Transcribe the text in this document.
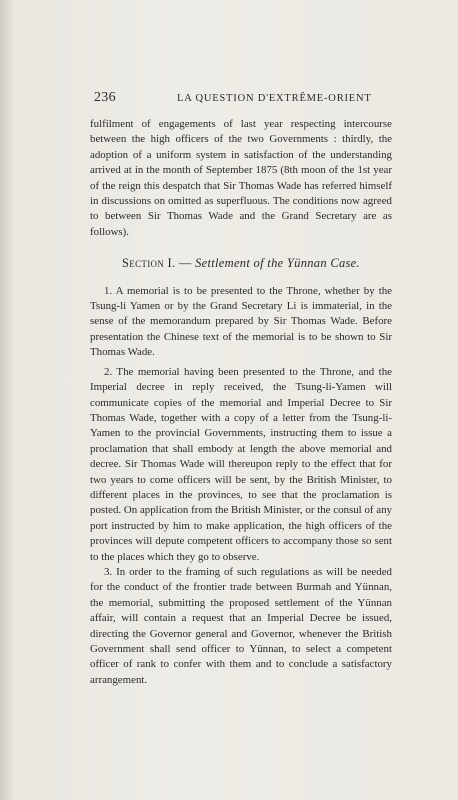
236	LA QUESTION D'EXTRÊME-ORIENT

fulfilment of engagements of last year respecting intercourse between the high officers of the two Governments : thirdly, the adoption of a uniform system in satisfaction of the understanding arrived at in the month of September 1875 (8th moon of the 1st year of the reign this despatch that Sir Thomas Wade has referred himself in discussions on omitted as superfluous. The conditions now agreed to between Sir Thomas Wade and the Grand Secretary are as follows).

Section I. — Settlement of the Yünnan Case.

1. A memorial is to be presented to the Throne, whether by the Tsung-li Yamen or by the Grand Secretary Li is immaterial, in the sense of the memorandum prepared by Sir Thomas Wade. Before presentation the Chinese text of the memorial is to be shown to Sir Thomas Wade.

2. The memorial having been presented to the Throne, and the Imperial decree in reply received, the Tsung-li-Yamen will communicate copies of the memorial and Imperial Decree to Sir Thomas Wade, together with a copy of a letter from the Tsung-li-Yamen to the provincial Governments, instructing them to issue a proclamation that shall embody at length the above memorial and decree. Sir Thomas Wade will thereupon reply to the effect that for two years to come officers will be sent, by the British Minister, to different places in the provinces, to see that the proclamation is posted. On application from the British Minister, or the consul of any port instructed by him to make application, the high officers of the provinces will depute competent officers to accompany those so sent to the places which they go to observe.

3. In order to the framing of such regulations as will be needed for the conduct of the frontier trade between Burmah and Yünnan, the memorial, submitting the proposed settlement of the Yünnan affair, will contain a request that an Imperial Decree be issued, directing the Governor general and Governor, whenever the British Government shall send officer to Yünnan, to select a competent officer of rank to confer with them and to conclude a satisfactory arrangement.
